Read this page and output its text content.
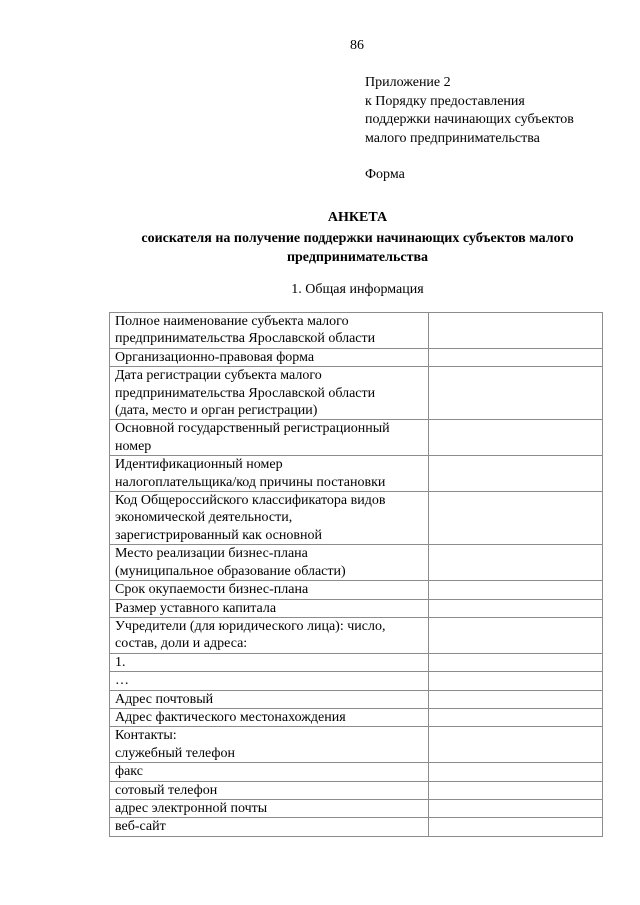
86
Приложение 2
к Порядку предоставления
поддержки начинающих субъектов
малого предпринимательства
Форма
АНКЕТА
соискателя на получение поддержки начинающих субъектов малого
предпринимательства
1. Общая информация
Полное наименование субъекта малого
предпринимательства Ярославской области	

Организационно-правовая форма	

Дата регистрации субъекта малого
предпринимательства Ярославской области
(дата, место и орган регистрации)	

Основной государственный регистрационный
номер	

Идентификационный номер
налогоплательщика/код причины постановки	

Код Общероссийского классификатора видов
экономической деятельности,
зарегистрированный как основной	

Место реализации бизнес-плана
(муниципальное образование области)	

Срок окупаемости бизнес-плана	

Размер уставного капитала	

Учредители (для юридического лица): число,
состав, доли и адреса:	

1.	

…	

Адрес почтовый	

Адрес фактического местонахождения	

Контакты:
служебный телефон	

факс	

сотовый телефон	

адрес электронной почты	

веб-сайт	
